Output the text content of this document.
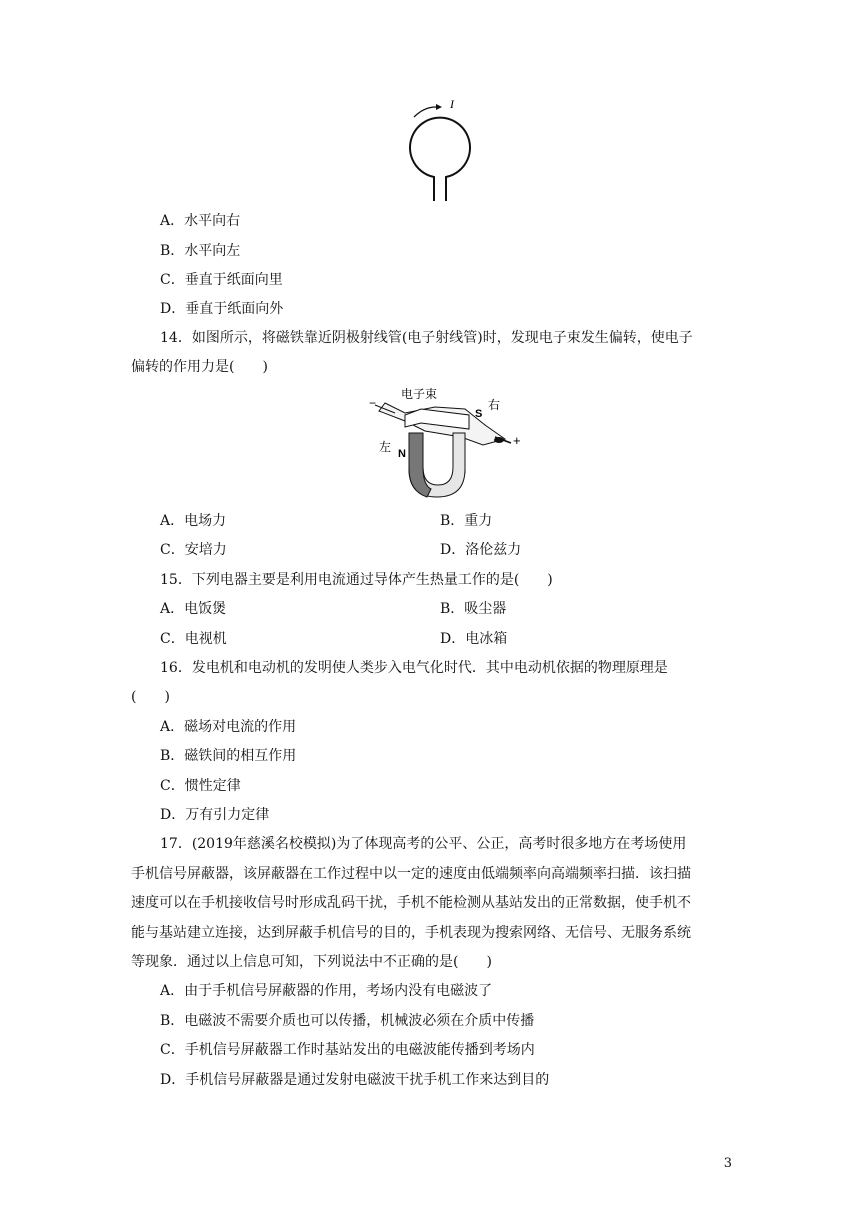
I
A．水平向右
B．水平向左
C．垂直于纸面向里
D．垂直于纸面向外
14．如图所示，将磁铁靠近阴极射线管(电子射线管)时，发现电子束发生偏转，使电子
偏转的作用力是(　　)
−
电子束
S
右
+
左 N
A．电场力	B．重力
C．安培力	D．洛伦兹力
15．下列电器主要是利用电流通过导体产生热量工作的是(　　)
A．电饭煲	B．吸尘器
C．电视机	D．电冰箱
16．发电机和电动机的发明使人类步入电气化时代．其中电动机依据的物理原理是
(　　)
A．磁场对电流的作用
B．磁铁间的相互作用
C．惯性定律
D．万有引力定律
17．(2019年慈溪名校模拟)为了体现高考的公平、公正，高考时很多地方在考场使用
手机信号屏蔽器，该屏蔽器在工作过程中以一定的速度由低端频率向高端频率扫描．该扫描
速度可以在手机接收信号时形成乱码干扰，手机不能检测从基站发出的正常数据，使手机不
能与基站建立连接，达到屏蔽手机信号的目的，手机表现为搜索网络、无信号、无服务系统
等现象．通过以上信息可知，下列说法中不正确的是(　　)
A．由于手机信号屏蔽器的作用，考场内没有电磁波了
B．电磁波不需要介质也可以传播，机械波必须在介质中传播
C．手机信号屏蔽器工作时基站发出的电磁波能传播到考场内
D．手机信号屏蔽器是通过发射电磁波干扰手机工作来达到目的
3
